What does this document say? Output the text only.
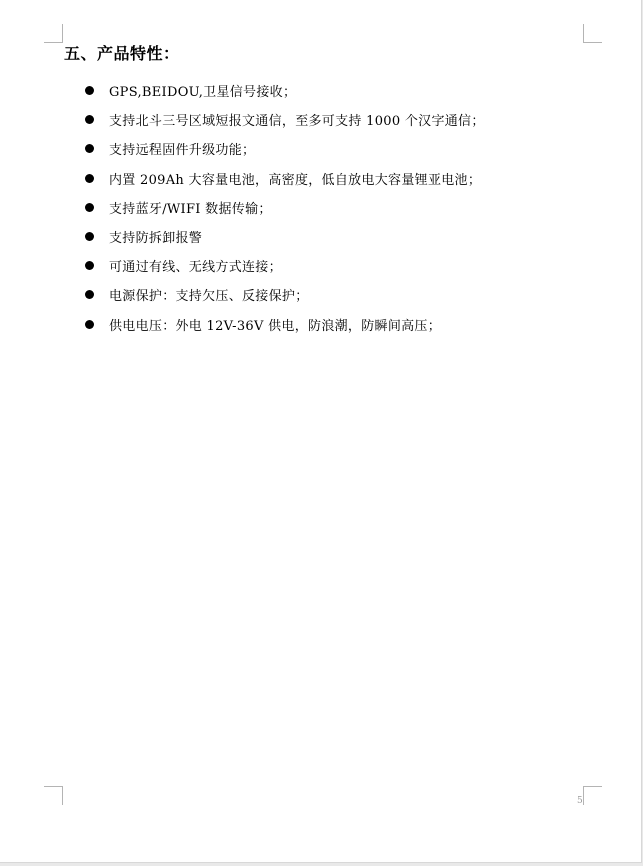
五、产品特性：
GPS,BEIDOU,卫星信号接收；
支持北斗三号区域短报文通信，至多可支持 1000 个汉字通信；
支持远程固件升级功能；
内置 209Ah 大容量电池，高密度，低自放电大容量锂亚电池；
支持蓝牙/WIFI 数据传输；
支持防拆卸报警
可通过有线、无线方式连接；
电源保护：支持欠压、反接保护；
供电电压：外电 12V-36V 供电，防浪潮，防瞬间高压；
5
